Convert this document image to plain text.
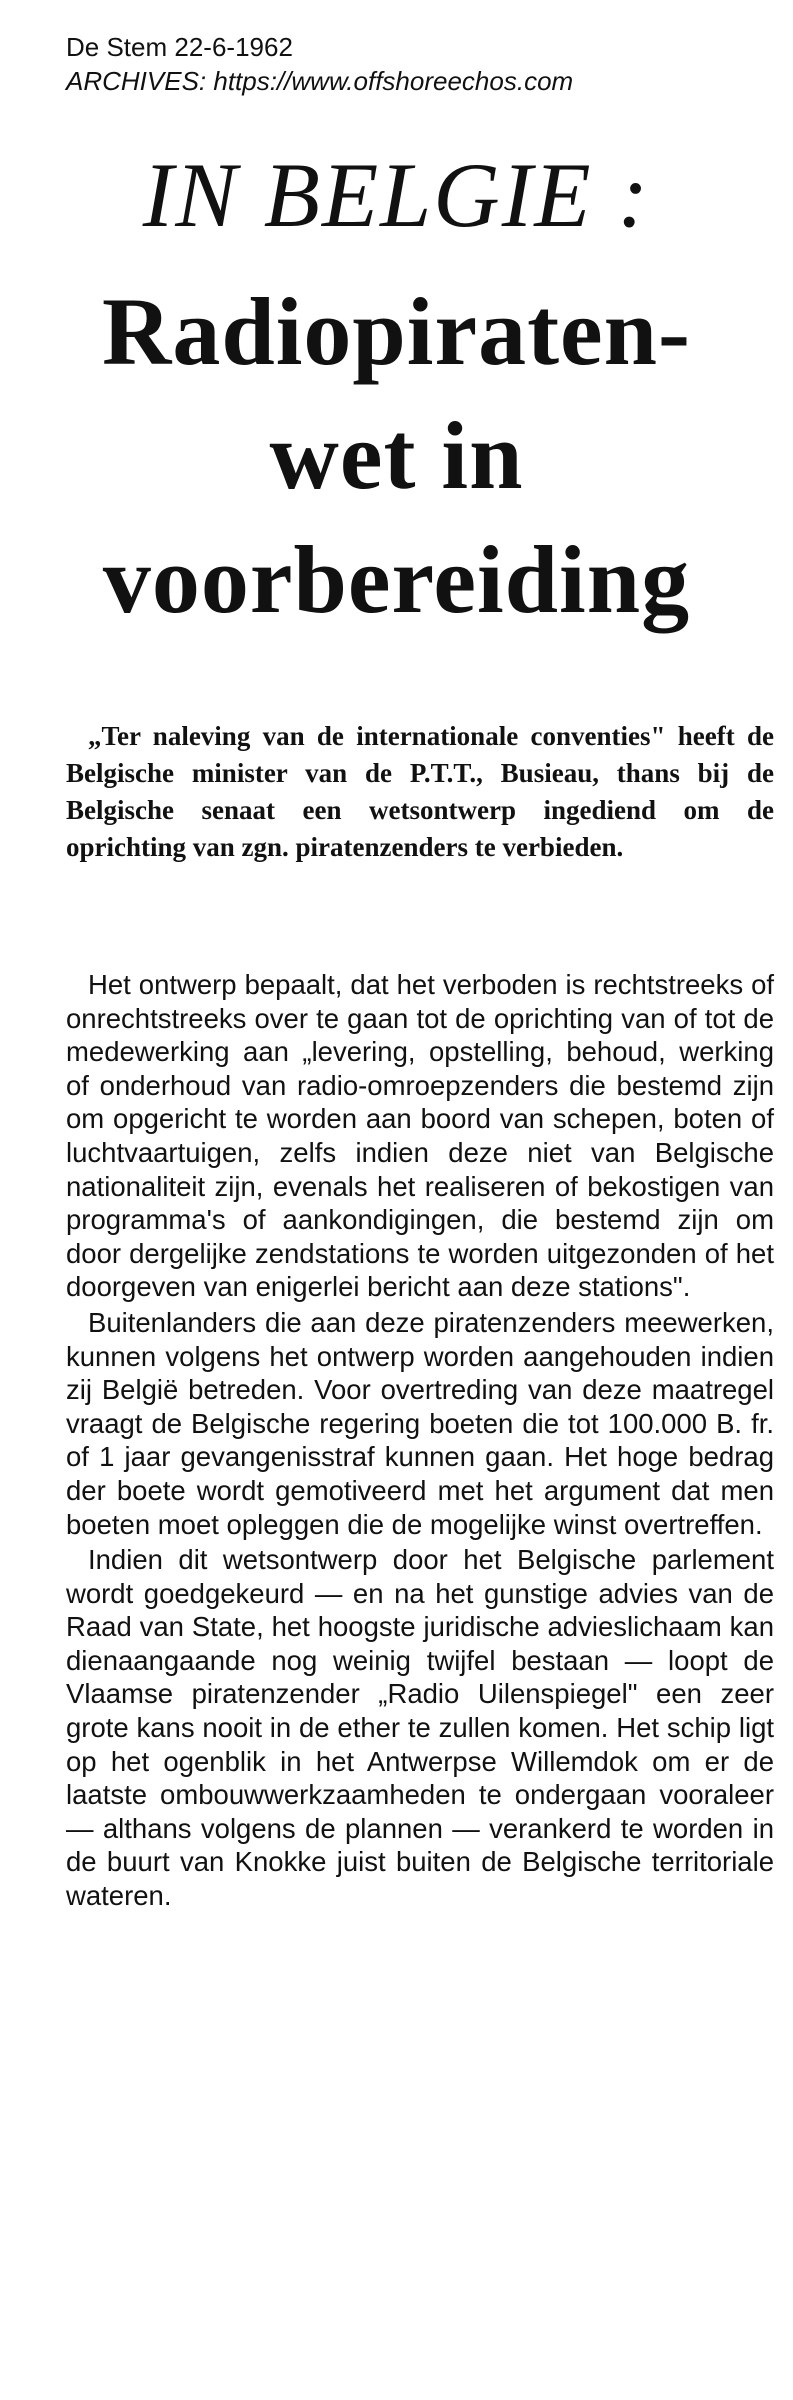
De Stem 22-6-1962
ARCHIVES: https://www.offshoreechos.com
IN BELGIE :
Radiopiraten-
wet in
voorbereiding
„Ter naleving van de internationale conventies" heeft de Belgische minister van de P.T.T., Busieau, thans bij de Belgische senaat een wetsontwerp ingediend om de oprichting van zgn. piratenzenders te verbieden.

Het ontwerp bepaalt, dat het verboden is rechtstreeks of onrechtstreeks over te gaan tot de oprichting van of tot de medewerking aan „levering, opstelling, behoud, werking of onderhoud van radio-omroepzenders die bestemd zijn om opgericht te worden aan boord van schepen, boten of luchtvaartuigen, zelfs indien deze niet van Belgische nationaliteit zijn, evenals het realiseren of bekostigen van programma's of aankondigingen, die bestemd zijn om door dergelijke zendstations te worden uitgezonden of het doorgeven van enigerlei bericht aan deze stations".

Buitenlanders die aan deze piratenzenders meewerken, kunnen volgens het ontwerp worden aangehouden indien zij België betreden. Voor overtreding van deze maatregel vraagt de Belgische regering boeten die tot 100.000 B. fr. of 1 jaar gevangenisstraf kunnen gaan. Het hoge bedrag der boete wordt gemotiveerd met het argument dat men boeten moet opleggen die de mogelijke winst overtreffen.

Indien dit wetsontwerp door het Belgische parlement wordt goedgekeurd — en na het gunstige advies van de Raad van State, het hoogste juridische advieslichaam kan dienaangaande nog weinig twijfel bestaan — loopt de Vlaamse piratenzender „Radio Uilenspiegel" een zeer grote kans nooit in de ether te zullen komen. Het schip ligt op het ogenblik in het Antwerpse Willemdok om er de laatste ombouwwerkzaamheden te ondergaan vooraleer — althans volgens de plannen — verankerd te worden in de buurt van Knokke juist buiten de Belgische territoriale wateren.
